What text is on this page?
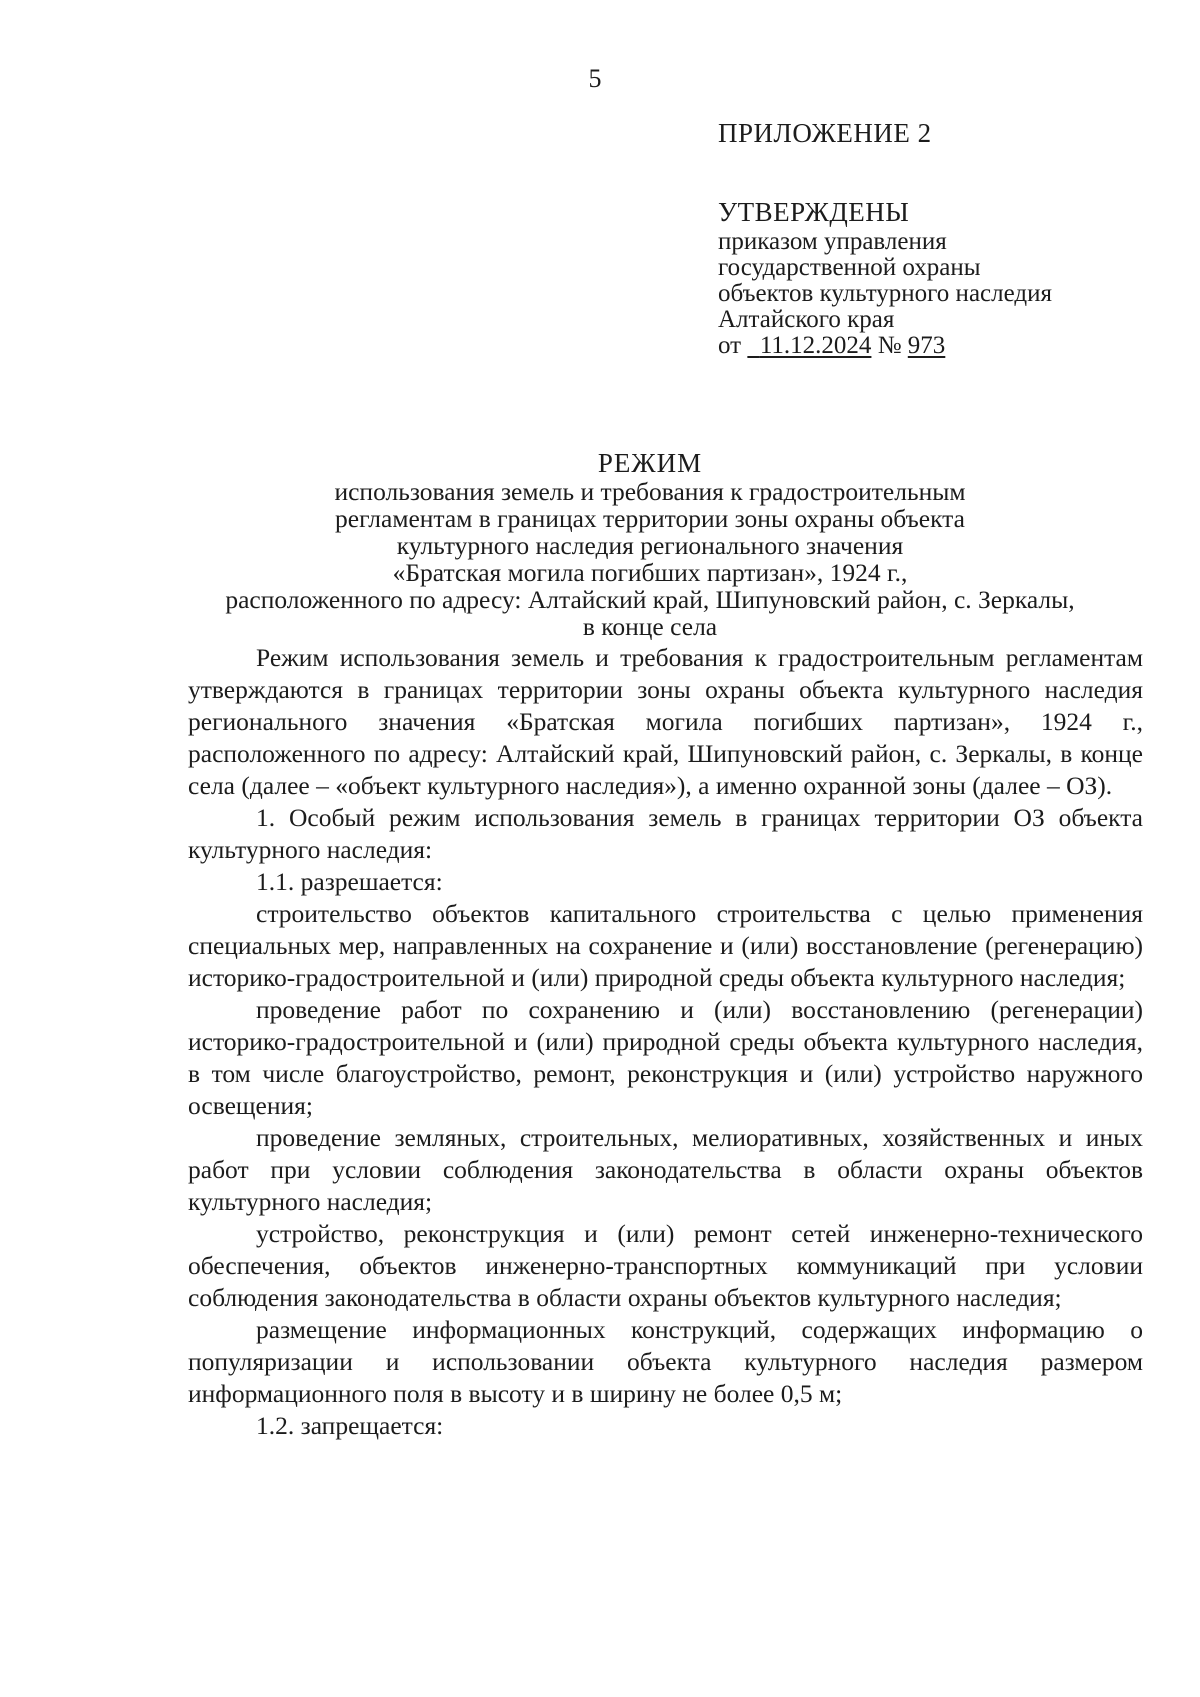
5
ПРИЛОЖЕНИЕ 2
УТВЕРЖДЕНЫ
приказом управления
государственной охраны
объектов культурного наследия
Алтайского края
от 11.12.2024 № 973
РЕЖИМ
использования земель и требования к градостроительным
регламентам в границах территории зоны охраны объекта
культурного наследия регионального значения
«Братская могила погибших партизан», 1924 г.,
расположенного по адресу: Алтайский край, Шипуновский район, с. Зеркалы,
в конце села

Режим использования земель и требования к градостроительным регламентам утверждаются в границах территории зоны охраны объекта культурного наследия регионального значения «Братская могила погибших партизан», 1924 г., расположенного по адресу: Алтайский край, Шипуновский район, с. Зеркалы, в конце села (далее – «объект культурного наследия»), а именно охранной зоны (далее – ОЗ).

1. Особый режим использования земель в границах территории ОЗ объекта культурного наследия:

1.1. разрешается:

строительство объектов капитального строительства с целью применения специальных мер, направленных на сохранение и (или) восстановление (регенерацию) историко-градостроительной и (или) природной среды объекта культурного наследия;

проведение работ по сохранению и (или) восстановлению (регенерации) историко-градостроительной и (или) природной среды объекта культурного наследия, в том числе благоустройство, ремонт, реконструкция и (или) устройство наружного освещения;

проведение земляных, строительных, мелиоративных, хозяйственных и иных работ при условии соблюдения законодательства в области охраны объектов культурного наследия;

устройство, реконструкция и (или) ремонт сетей инженерно-технического обеспечения, объектов инженерно-транспортных коммуникаций при условии соблюдения законодательства в области охраны объектов культурного наследия;

размещение информационных конструкций, содержащих информацию о популяризации и использовании объекта культурного наследия размером информационного поля в высоту и в ширину не более 0,5 м;

1.2. запрещается:
